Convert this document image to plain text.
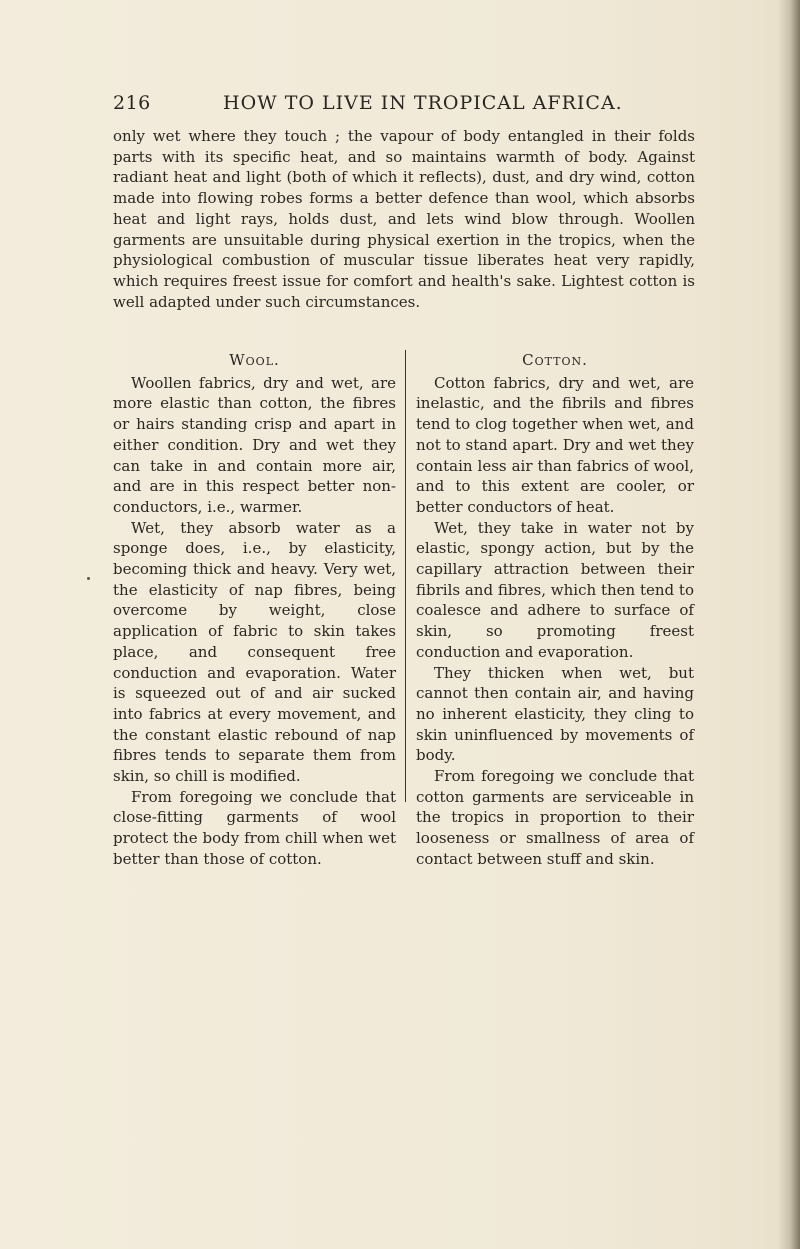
216	HOW TO LIVE IN TROPICAL AFRICA.

only wet where they touch ; the vapour of body entangled in their folds parts with its specific heat, and so maintains warmth of body. Against radiant heat and light (both of which it reflects), dust, and dry wind, cotton made into flowing robes forms a better defence than wool, which absorbs heat and light rays, holds dust, and lets wind blow through. Woollen garments are unsuitable during physical exertion in the tropics, when the physiological combustion of muscular tissue liberates heat very rapidly, which requires freest issue for comfort and health's sake. Lightest cotton is well adapted under such circumstances.

Wool.

Woollen fabrics, dry and wet, are more elastic than cotton, the fibres or hairs standing crisp and apart in either condition. Dry and wet they can take in and contain more air, and are in this respect better non-conductors, i.e., warmer.

Wet, they absorb water as a sponge does, i.e., by elasticity, becoming thick and heavy. Very wet, the elasticity of nap fibres, being overcome by weight, close application of fabric to skin takes place, and consequent free conduction and evaporation. Water is squeezed out of and air sucked into fabrics at every movement, and the constant elastic rebound of nap fibres tends to separate them from skin, so chill is modified.

From foregoing we conclude that close-fitting garments of wool protect the body from chill when wet better than those of cotton.

Cotton.

Cotton fabrics, dry and wet, are inelastic, and the fibrils and fibres tend to clog together when wet, and not to stand apart. Dry and wet they contain less air than fabrics of wool, and to this extent are cooler, or better conductors of heat.

Wet, they take in water not by elastic, spongy action, but by the capillary attraction between their fibrils and fibres, which then tend to coalesce and adhere to surface of skin, so promoting freest conduction and evaporation.

They thicken when wet, but cannot then contain air, and having no inherent elasticity, they cling to skin uninfluenced by movements of body.

From foregoing we conclude that cotton garments are serviceable in the tropics in proportion to their looseness or smallness of area of contact between stuff and skin.
